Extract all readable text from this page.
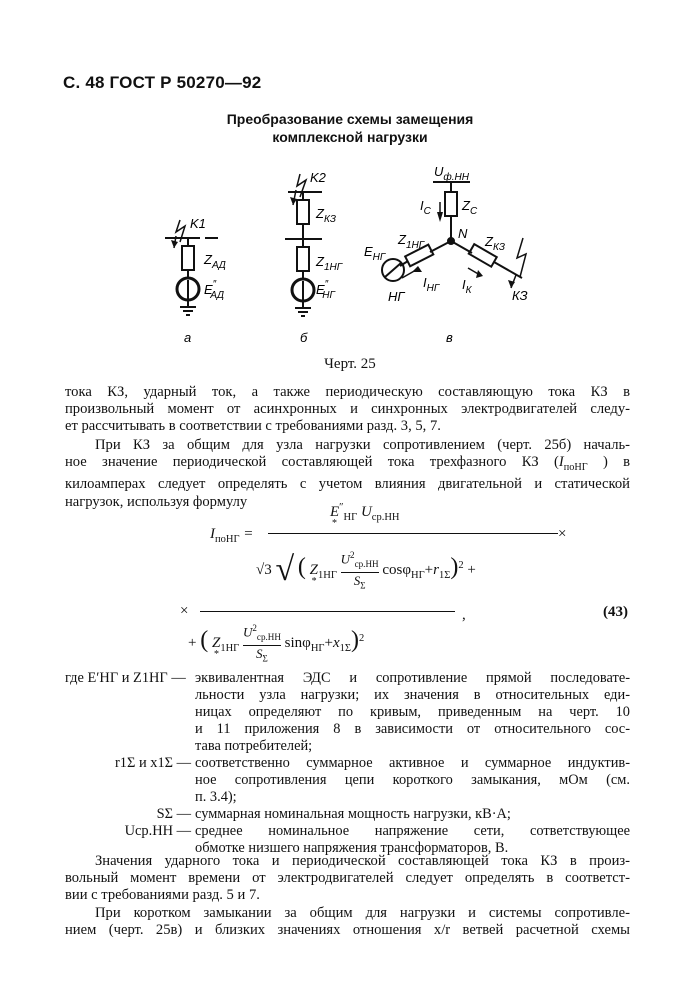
С. 48 ГОСТ Р 50270—92
Преобразование схемы замещения
комплексной нагрузки
K1
$Z_{АД}$
E″ АД
а
K2
$Z_{КЗ}$
$Z_{1НГ}$
E″ НГ
б
$U_{ф.НН}$
$I_С$ $Z_С$
N
$Z_{1НГ}$
$E_{НГ}$
$I_{НГ}$
НГ
$I_К$
$Z_{КЗ}$
КЗ
в
Черт. 25
тока КЗ, ударный ток, а также периодическую составляющую тока КЗ в
произвольный момент от асинхронных и синхронных электродвигателей следу-
ет рассчитывать в соответствии с требованиями разд. 3, 5, 7.
При КЗ за общим для узла нагрузки сопротивлением (черт. 25б) началь-
ное значение периодической составляющей тока трехфазного КЗ ($I_{поНГ}$ ) в
килоамперах следует определять с учетом влияния двигательной и статической
нагрузок, используя формулу
$I_{поНГ}$ =
E $*''_{НГ}$ $U_{ср.НН}$
×
√3 √ ( Z $*_{1НГ}$
$U^2_{ср.НН}$
$S_\Sigma$
$\cos\varphi_{НГ}+r_{1\Sigma})^2$ +
×	,
+ ( Z $*_{1НГ}$
$U^2_{ср.НН}$
$S_\Sigma$
$\sin\varphi_{НГ}+x_{1\Sigma})^2$
(43)
где E′НГ и Z1НГ — эквивалентная ЭДС и сопротивление прямой последовате-
льности узла нагрузки; их значения в относительных еди-
ницах определяют по кривым, приведенным на черт. 10
и 11 приложения 8 в зависимости от относительного сос-
тава потребителей;
r1Σ и x1Σ — соответственно суммарное активное и суммарное индуктив-
ное сопротивления цепи короткого замыкания, мОм (см.
п. 3.4);
SΣ — суммарная номинальная мощность нагрузки, кВ·А;
Uср.НН — среднее номинальное напряжение сети, сответствующее
обмотке низшего напряжения трансформаторов, В.
Значения ударного тока и периодической составляющей тока КЗ в произ-
вольный момент времени от электродвигателей следует определять в соответст-
вии с требованиями разд. 5 и 7.
При коротком замыкании за общим для нагрузки и системы сопротивле-
нием (черт. 25в) и близких значениях отношения x/r ветвей расчетной схемы
